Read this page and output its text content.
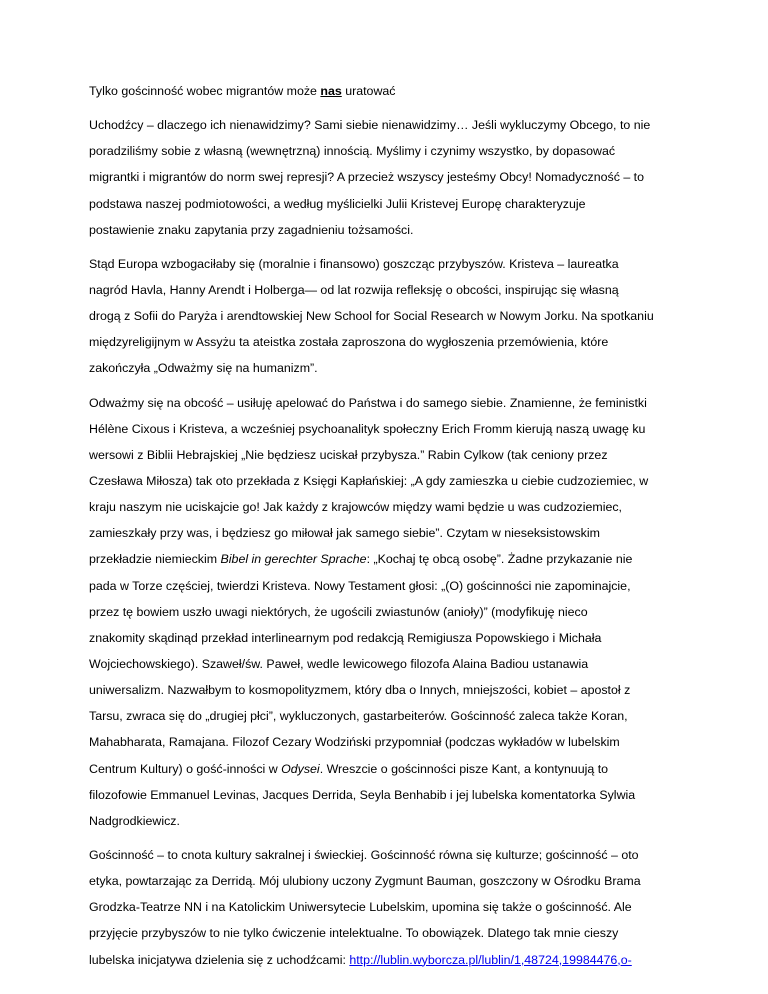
Tylko gościnność wobec migrantów może nas uratować
Uchodźcy – dlaczego ich nienawidzimy? Sami siebie nienawidzimy… Jeśli wykluczymy Obcego, to nie
poradziliśmy sobie z własną (wewnętrzną) innością. Myślimy i czynimy wszystko, by dopasować
migrantki i migrantów do norm swej represji? A przecież wszyscy jesteśmy Obcy! Nomadyczność – to
podstawa naszej podmiotowości, a według myślicielki Julii Kristevej Europę charakteryzuje
postawienie znaku zapytania przy zagadnieniu tożsamości.
Stąd Europa wzbogaciłaby się (moralnie i finansowo) goszcząc przybyszów. Kristeva – laureatka
nagród Havla, Hanny Arendt i Holberga— od lat rozwija refleksję o obcości, inspirując się własną
drogą z Sofii do Paryża i arendtowskiej New School for Social Research w Nowym Jorku. Na spotkaniu
międzyreligijnym w Assyżu ta ateistka została zaproszona do wygłoszenia przemówienia, które
zakończyła „Odważmy się na humanizm”.
Odważmy się na obcość – usiłuję apelować do Państwa i do samego siebie. Znamienne, że feministki
Hélène Cixous i Kristeva, a wcześniej psychoanalityk społeczny Erich Fromm kierują naszą uwagę ku
wersowi z Biblii Hebrajskiej „Nie będziesz uciskał przybysza.” Rabin Cylkow (tak ceniony przez
Czesława Miłosza) tak oto przekłada z Księgi Kapłańskiej: „A gdy zamieszka u ciebie cudzoziemiec, w
kraju naszym nie uciskajcie go! Jak każdy z krajowców między wami będzie u was cudzoziemiec,
zamieszkały przy was, i będziesz go miłował jak samego siebie”. Czytam w nieseksistowskim
przekładzie niemieckim Bibel in gerechter Sprache: „Kochaj tę obcą osobę”. Żadne przykazanie nie
pada w Torze częściej, twierdzi Kristeva. Nowy Testament głosi: „(O) gościnności nie zapominajcie,
przez tę bowiem uszło uwagi niektórych, że ugościli zwiastunów (anioły)” (modyfikuję nieco
znakomity skądinąd przekład interlinearnym pod redakcją Remigiusza Popowskiego i Michała
Wojciechowskiego). Szaweł/św. Paweł, wedle lewicowego filozofa Alaina Badiou ustanawia
uniwersalizm. Nazwałbym to kosmopolityzmem, który dba o Innych, mniejszości, kobiet – apostoł z
Tarsu, zwraca się do „drugiej płci”, wykluczonych, gastarbeiterów. Gościnność zaleca także Koran,
Mahabharata, Ramajana. Filozof Cezary Wodziński przypomniał (podczas wykładów w lubelskim
Centrum Kultury) o gość-inności w Odysei. Wreszcie o gościnności pisze Kant, a kontynuują to
filozofowie Emmanuel Levinas, Jacques Derrida, Seyla Benhabib i jej lubelska komentatorka Sylwia
Nadgrodkiewicz.
Gościnność – to cnota kultury sakralnej i świeckiej. Gościnność równa się kulturze; gościnność – oto
etyka, powtarzając za Derridą. Mój ulubiony uczony Zygmunt Bauman, goszczony w Ośrodku Brama
Grodzka-Teatrze NN i na Katolickim Uniwersytecie Lubelskim, upomina się także o gościnność. Ale
przyjęcie przybyszów to nie tylko ćwiczenie intelektualne. To obowiązek. Dlatego tak mnie cieszy
lubelska inicjatywa dzielenia się z uchodźcami: http://lublin.wyborcza.pl/lublin/1,48724,19984476,o-
